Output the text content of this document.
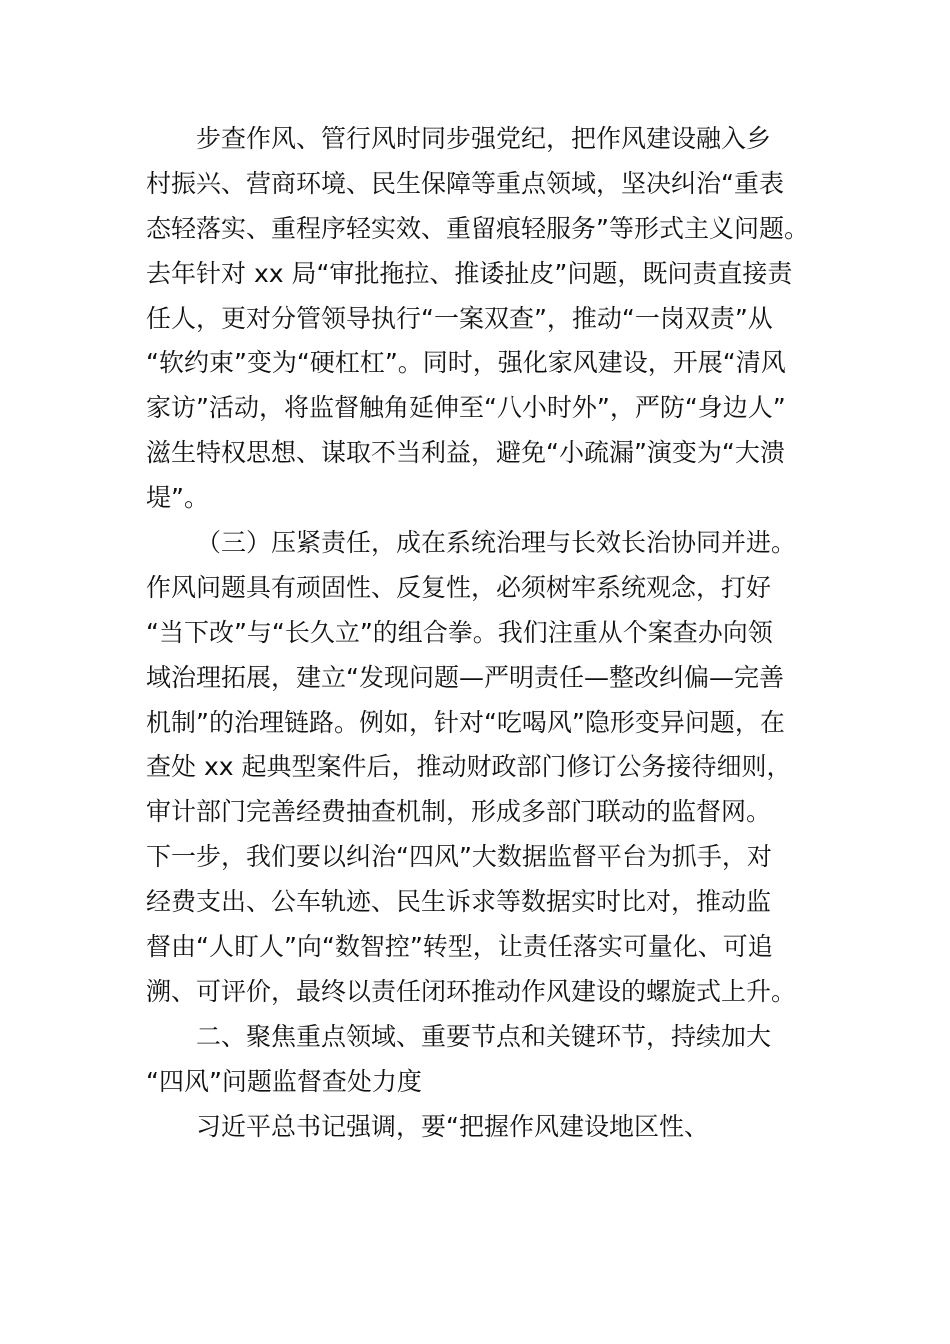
步查作风、管行风时同步强党纪，把作风建设融入乡
村振兴、营商环境、民生保障等重点领域，坚决纠治“重表
态轻落实、重程序轻实效、重留痕轻服务”等形式主义问题。
去年针对 xx 局“审批拖拉、推诿扯皮”问题，既问责直接责
任人，更对分管领导执行“一案双查”，推动“一岗双责”从
“软约束”变为“硬杠杠”。同时，强化家风建设，开展“清风
家访”活动，将监督触角延伸至“八小时外”，严防“身边人”
滋生特权思想、谋取不当利益，避免“小疏漏”演变为“大溃
堤”。
（三）压紧责任，成在系统治理与长效长治协同并进。
作风问题具有顽固性、反复性，必须树牢系统观念，打好
“当下改”与“长久立”的组合拳。我们注重从个案查办向领
域治理拓展，建立“发现问题—严明责任—整改纠偏—完善
机制”的治理链路。例如，针对“吃喝风”隐形变异问题，在
查处 xx 起典型案件后，推动财政部门修订公务接待细则，
审计部门完善经费抽查机制，形成多部门联动的监督网。
下一步，我们要以纠治“四风”大数据监督平台为抓手，对
经费支出、公车轨迹、民生诉求等数据实时比对，推动监
督由“人盯人”向“数智控”转型，让责任落实可量化、可追
溯、可评价，最终以责任闭环推动作风建设的螺旋式上升。
二、聚焦重点领域、重要节点和关键环节，持续加大
“四风”问题监督查处力度
习近平总书记强调，要“把握作风建设地区性、
